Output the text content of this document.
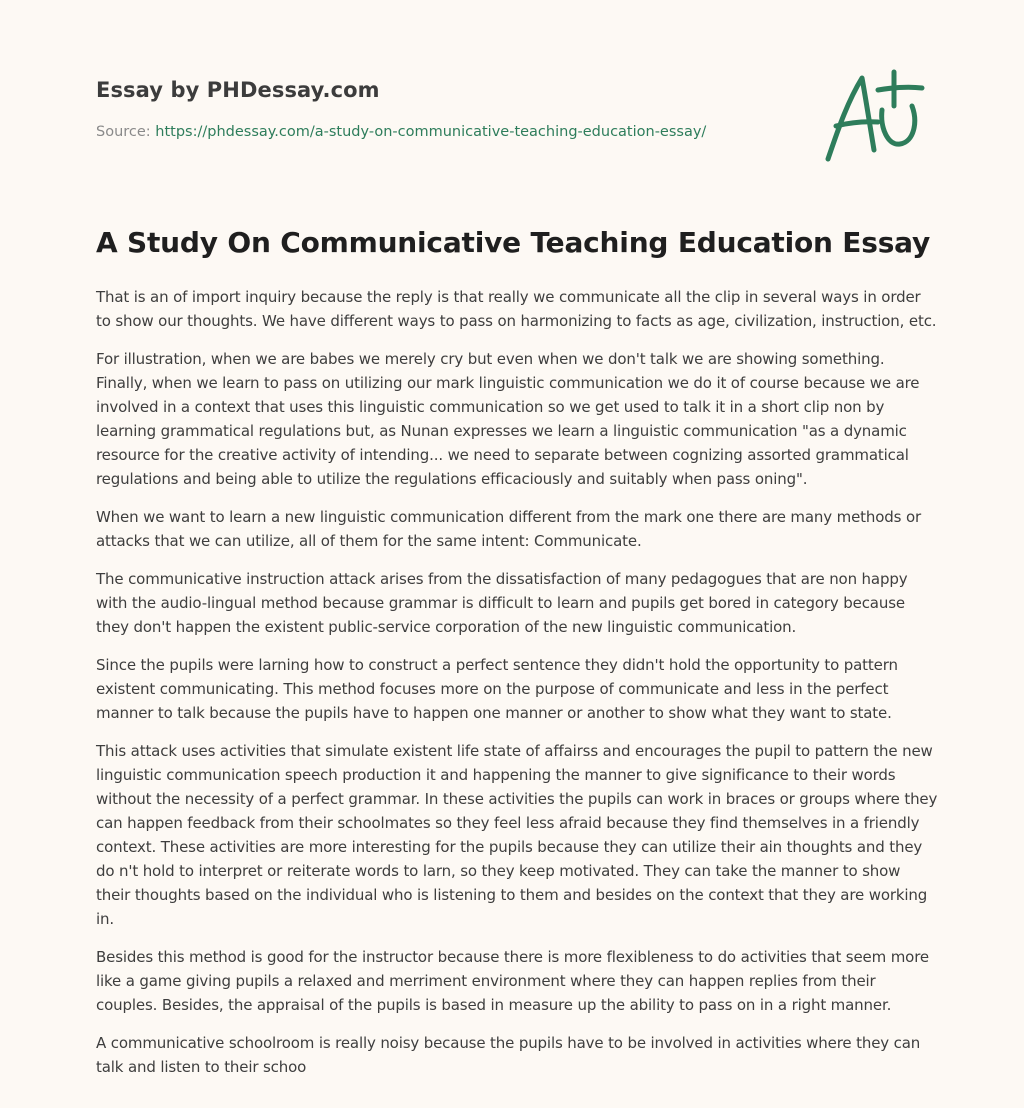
Essay by PHDessay.com
Source: https://phdessay.com/a-study-on-communicative-teaching-education-essay/
A Study On Communicative Teaching Education Essay

That is an of import inquiry because the reply is that really we communicate all the clip in several ways in order to show our thoughts. We have different ways to pass on harmonizing to facts as age, civilization, instruction, etc.

For illustration, when we are babes we merely cry but even when we don't talk we are showing something. Finally, when we learn to pass on utilizing our mark linguistic communication we do it of course because we are involved in a context that uses this linguistic communication so we get used to talk it in a short clip non by learning grammatical regulations but, as Nunan expresses we learn a linguistic communication "as a dynamic resource for the creative activity of intending... we need to separate between cognizing assorted grammatical regulations and being able to utilize the regulations efficaciously and suitably when pass oning".

When we want to learn a new linguistic communication different from the mark one there are many methods or attacks that we can utilize, all of them for the same intent: Communicate.

The communicative instruction attack arises from the dissatisfaction of many pedagogues that are non happy with the audio-lingual method because grammar is difficult to learn and pupils get bored in category because they don't happen the existent public-service corporation of the new linguistic communication.

Since the pupils were larning how to construct a perfect sentence they didn't hold the opportunity to pattern existent communicating. This method focuses more on the purpose of communicate and less in the perfect manner to talk because the pupils have to happen one manner or another to show what they want to state.

This attack uses activities that simulate existent life state of affairss and encourages the pupil to pattern the new linguistic communication speech production it and happening the manner to give significance to their words without the necessity of a perfect grammar. In these activities the pupils can work in braces or groups where they can happen feedback from their schoolmates so they feel less afraid because they find themselves in a friendly context. These activities are more interesting for the pupils because they can utilize their ain thoughts and they do n't hold to interpret or reiterate words to larn, so they keep motivated. They can take the manner to show their thoughts based on the individual who is listening to them and besides on the context that they are working in.

Besides this method is good for the instructor because there is more flexibleness to do activities that seem more like a game giving pupils a relaxed and merriment environment where they can happen replies from their couples. Besides, the appraisal of the pupils is based in measure up the ability to pass on in a right manner.

A communicative schoolroom is really noisy because the pupils have to be involved in activities where they can talk and listen to their schoo
